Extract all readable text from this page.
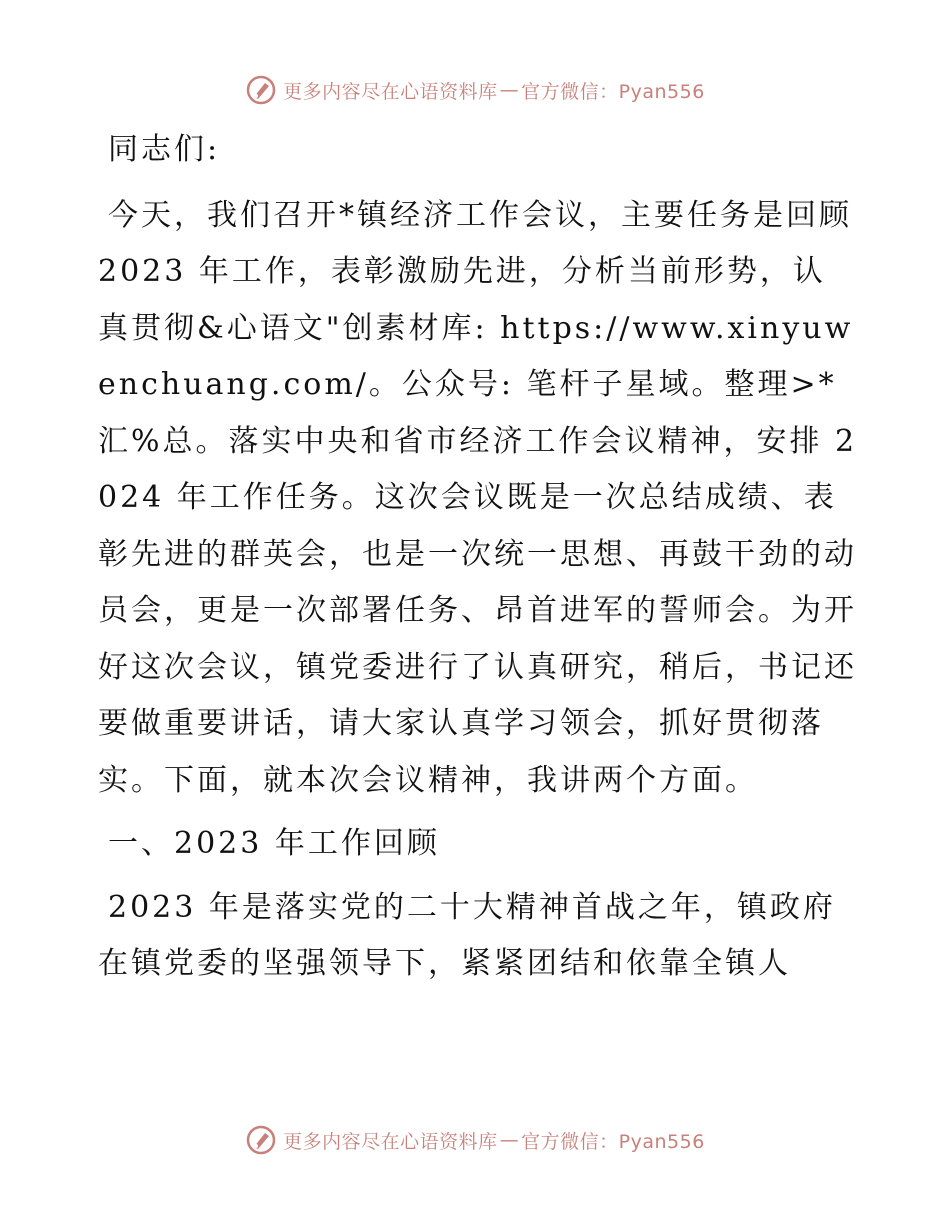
更多内容尽在心语资料库 — 官方微信：Pyan556

同志们:

今天，我们召开*镇经济工作会议，主要任务是回顾 2023 年工作，表彰激励先进，分析当前形势，认真贯彻&心语文"创素材库: https://www.xinyuwenchuang.com/。公众号: 笔杆子星域。整理>*汇%总。落实中央和省市经济工作会议精神，安排 2024 年工作任务。这次会议既是一次总结成绩、表彰先进的群英会，也是一次统一思想、再鼓干劲的动员会，更是一次部署任务、昂首进军的誓师会。为开好这次会议，镇党委进行了认真研究，稍后，书记还要做重要讲话，请大家认真学习领会，抓好贯彻落实。下面，就本次会议精神，我讲两个方面。

一、2023 年工作回顾

2023 年是落实党的二十大精神首战之年，镇政府在镇党委的坚强领导下，紧紧团结和依靠全镇人

更多内容尽在心语资料库 — 官方微信：Pyan556
